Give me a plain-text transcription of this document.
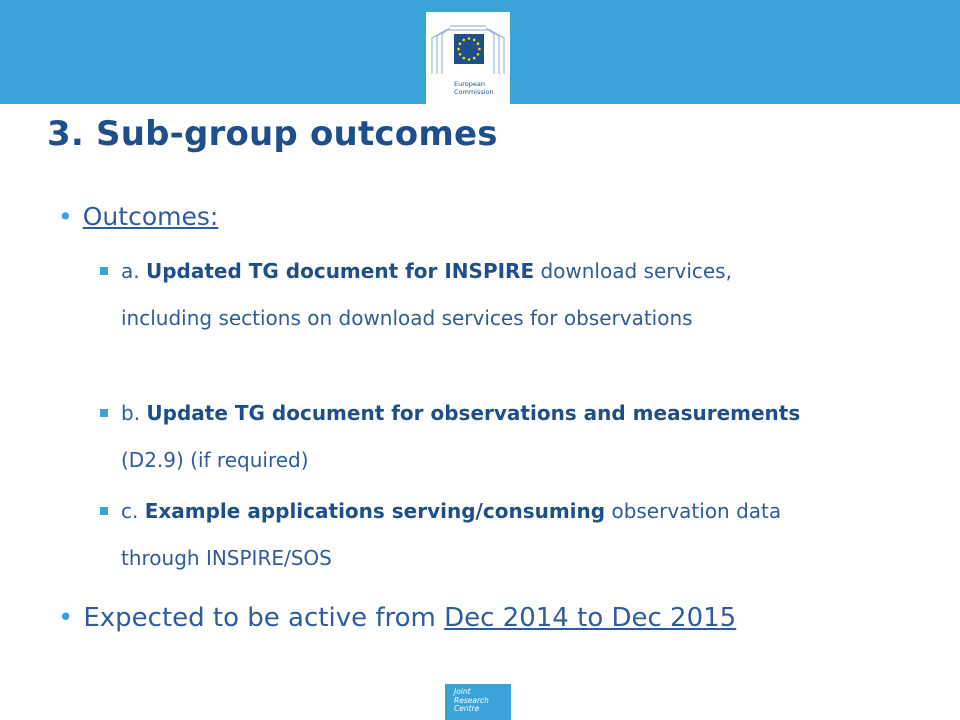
European
Commission
3. Sub-group outcomes
• Outcomes:
a. Updated TG document for INSPIRE download services, including sections on download services for observations
b. Update TG document for observations and measurements (D2.9) (if required)
c. Example applications serving/consuming observation data through INSPIRE/SOS
• Expected to be active from Dec 2014 to Dec 2015
Joint
Research
Centre
